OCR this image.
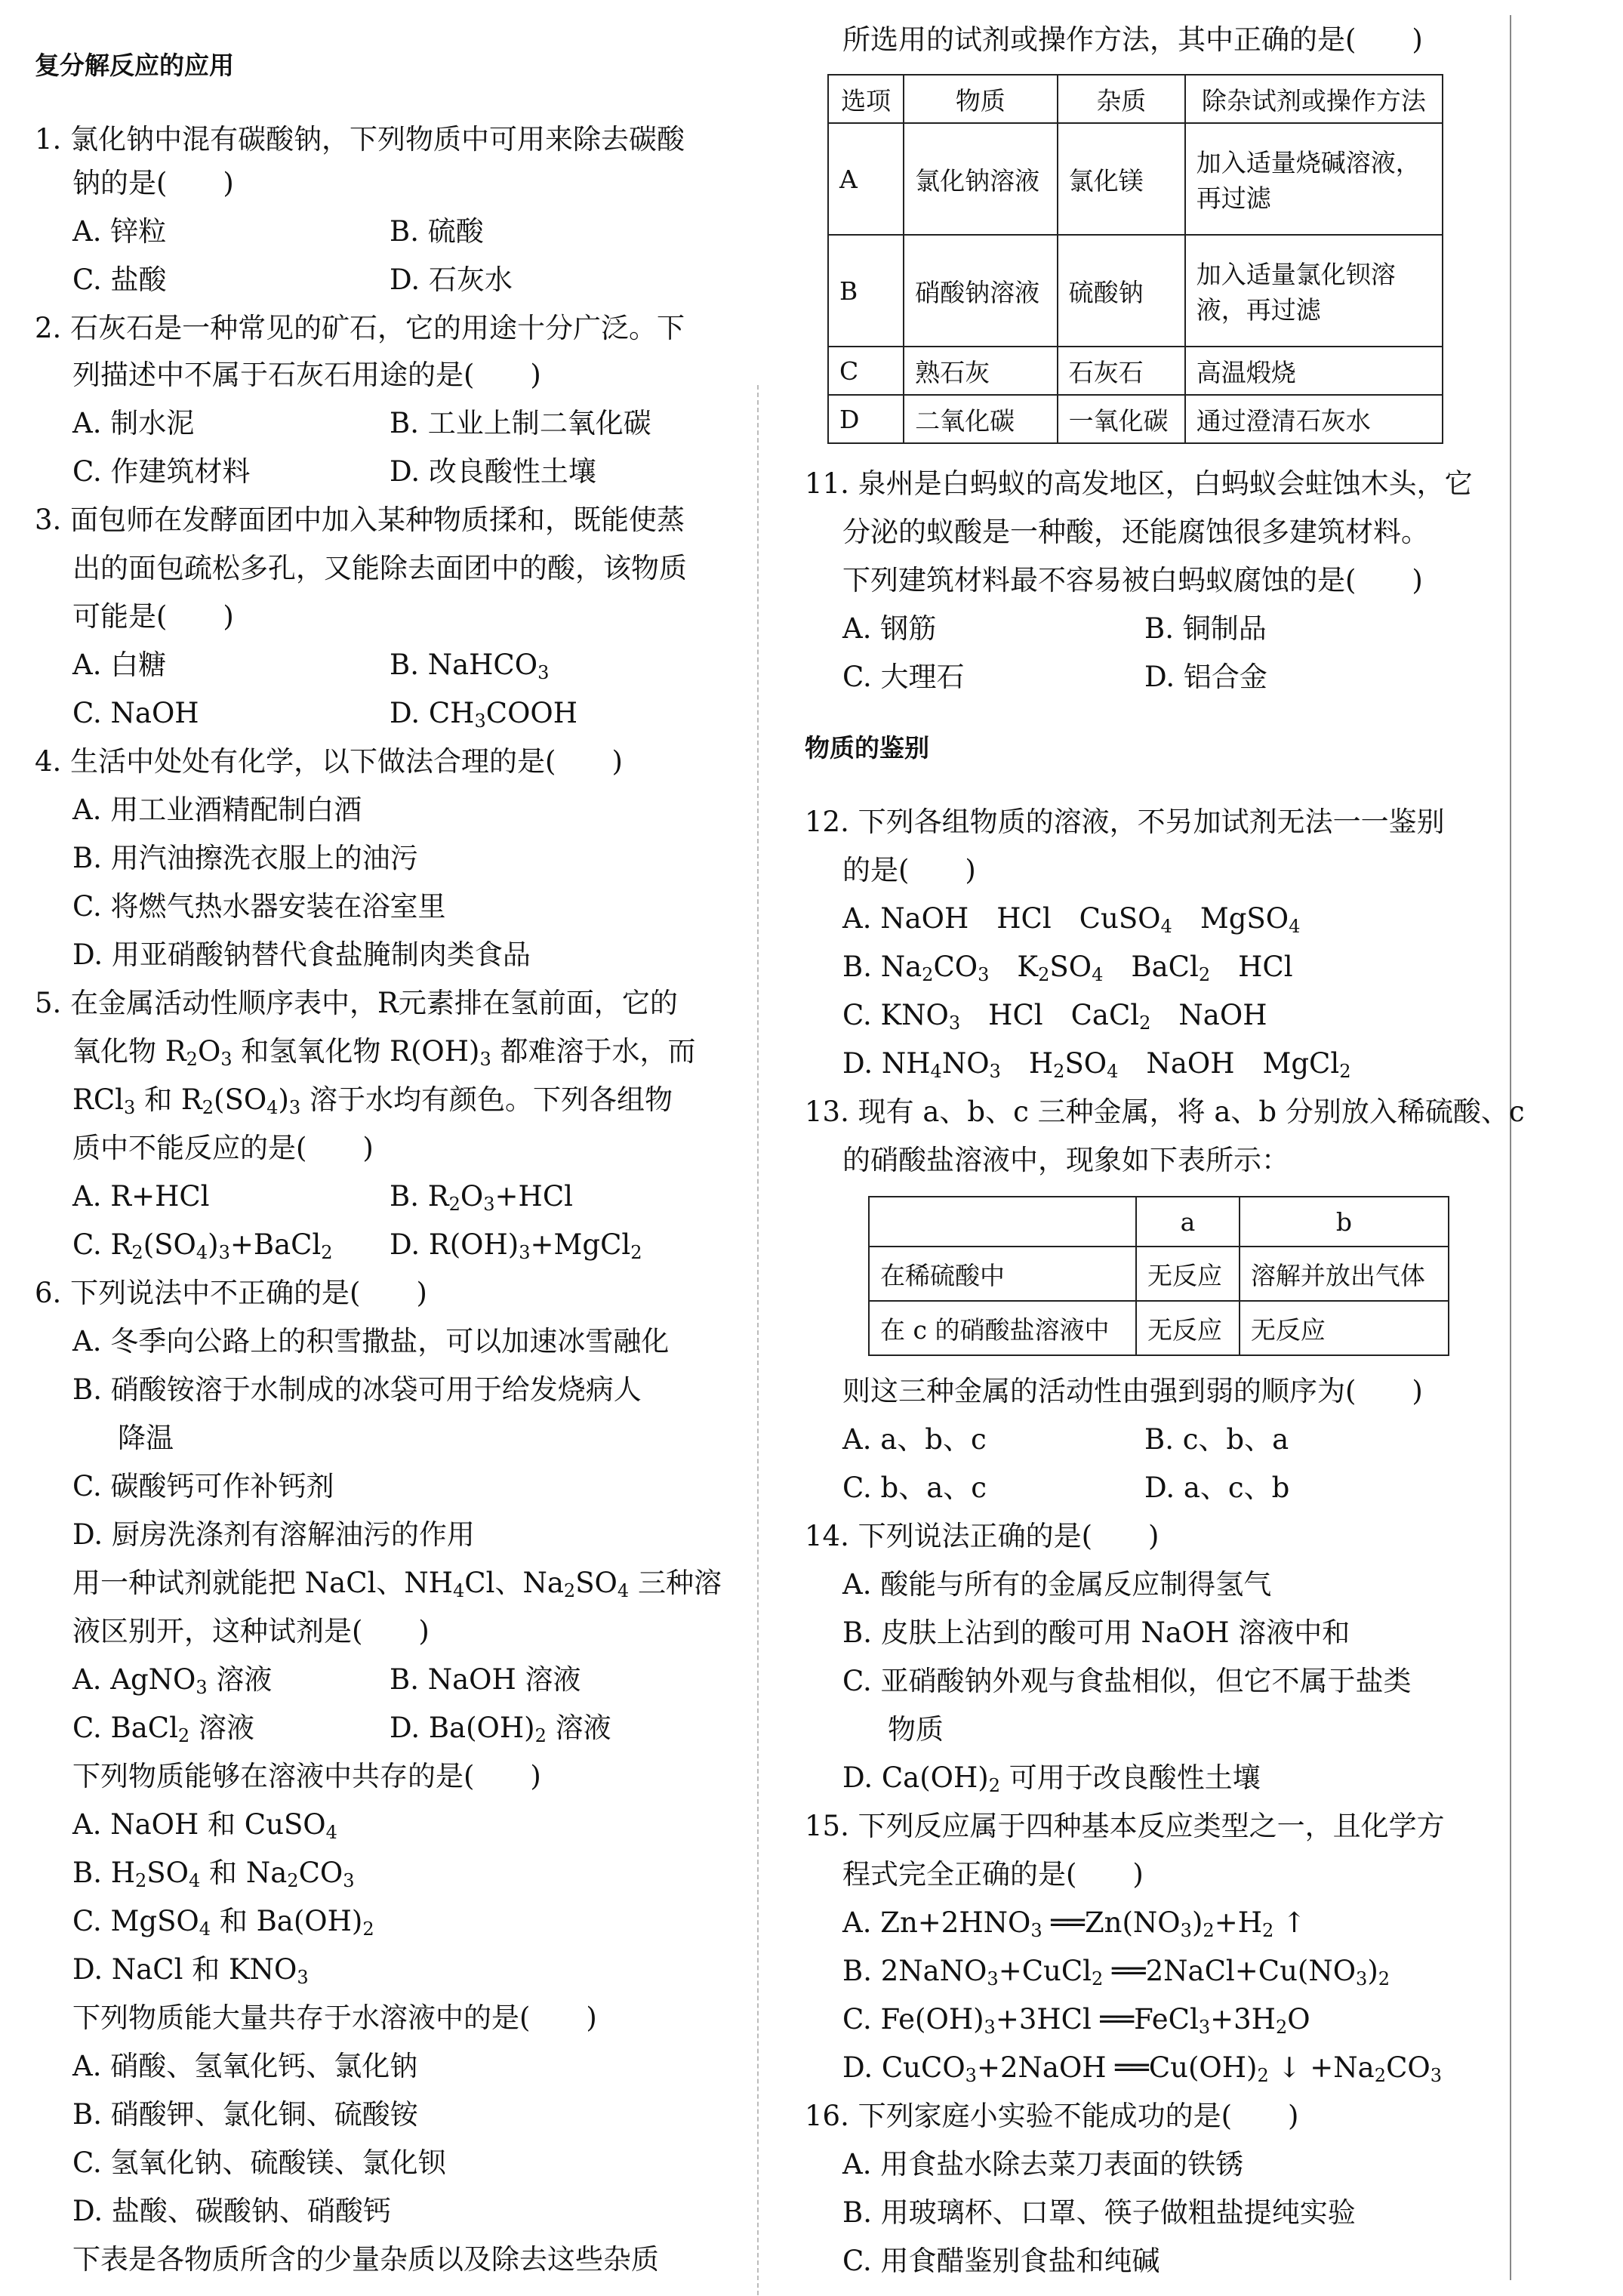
复分解反应的应用
1. 氯化钠中混有碳酸钠，下列物质中可用来除去碳酸
钠的是(　　)
A. 锌粒	B. 硫酸
C. 盐酸	D. 石灰水
2. 石灰石是一种常见的矿石，它的用途十分广泛。下
列描述中不属于石灰石用途的是(　　)
A. 制水泥	B. 工业上制二氧化碳
C. 作建筑材料	D. 改良酸性土壤
3. 面包师在发酵面团中加入某种物质揉和，既能使蒸
出的面包疏松多孔，又能除去面团中的酸，该物质
可能是(　　)
A. 白糖	B. NaHCO$_3$
C. NaOH	D. $CH_3COOH$
4. 生活中处处有化学，以下做法合理的是(　　)
A. 用工业酒精配制白酒
B. 用汽油擦洗衣服上的油污
C. 将燃气热水器安装在浴室里
D. 用亚硝酸钠替代食盐腌制肉类食品
5. 在金属活动性顺序表中，R元素排在氢前面，它的
氧化物 $R_2O_3$ 和氢氧化物 $R(OH)_3$ 都难溶于水，而
RCl$_3$ 和 $R_2(SO_4)_3$ 溶于水均有颜色。下列各组物
质中不能反应的是(　　)
A. R+HCl	B. $R_2O_3+HCl$
C. $R_2(SO_4)_3+BaCl_2$ D. $R(OH)_3+MgCl_2$
6. 下列说法中不正确的是(　　)
A. 冬季向公路上的积雪撒盐，可以加速冰雪融化
B. 硝酸铵溶于水制成的冰袋可用于给发烧病人
降温
C. 碳酸钙可作补钙剂
D. 厨房洗涤剂有溶解油污的作用
用一种试剂就能把 NaCl、$NH_4Cl$、$Na_2SO_4$ 三种溶
液区别开，这种试剂是(　　)
A. AgNO$_3$ 溶液	B. NaOH 溶液
C. BaCl$_2$ 溶液	D. $Ba(OH)_2$ 溶液
下列物质能够在溶液中共存的是(　　)
A. NaOH 和 CuSO$_4$
B. $H_2SO_4$ 和 $Na_2CO_3$
C. MgSO$_4$ 和 $Ba(OH)_2$
D. NaCl 和 $KNO_3$
下列物质能大量共存于水溶液中的是(　　)
A. 硝酸、氢氧化钙、氯化钠
B. 硝酸钾、氯化铜、硫酸铵
C. 氢氧化钠、硫酸镁、氯化钡
D. 盐酸、碳酸钠、硝酸钙
下表是各物质所含的少量杂质以及除去这些杂质
所选用的试剂或操作方法，其中正确的是(　　)
选项	物质	杂质	除杂试剂或操作方法
A	氯化钠溶液	氯化镁	加入适量烧碱溶液，
再过滤

B	硝酸钠溶液	硫酸钠	加入适量氯化钡溶
液，再过滤

C	熟石灰	石灰石	高温煅烧
D	二氧化碳	一氧化碳	通过澄清石灰水
11. 泉州是白蚂蚁的高发地区，白蚂蚁会蛀蚀木头，它
分泌的蚁酸是一种酸，还能腐蚀很多建筑材料。
下列建筑材料最不容易被白蚂蚁腐蚀的是(　　)
A. 钢筋	B. 铜制品
C. 大理石	D. 铝合金
物质的鉴别
12. 下列各组物质的溶液，不另加试剂无法一一鉴别
的是(　　)
A. NaOH　HCl　CuSO$_4$　MgSO$_4$
B. $Na_2CO_3$　$K_2SO_4$　BaCl$_2$　HCl
C. $KNO_3$　HCl　CaCl$_2$　NaOH
D. $NH_4NO_3$　$H_2SO_4$　NaOH　MgCl$_2$
13. 现有 a、b、c 三种金属，将 a、b 分别放入稀硫酸、c
的硝酸盐溶液中，现象如下表所示：
	a	b
在稀硫酸中	无反应	溶解并放出气体
在 c 的硝酸盐溶液中	无反应	无反应
则这三种金属的活动性由强到弱的顺序为(　　)
A. a、b、c	B. c、b、a
C. b、a、c	D. a、c、b
14. 下列说法正确的是(　　)
A. 酸能与所有的金属反应制得氢气
B. 皮肤上沾到的酸可用 NaOH 溶液中和
C. 亚硝酸钠外观与食盐相似，但它不属于盐类
物质
D. $Ca(OH)_2$ 可用于改良酸性土壤
15. 下列反应属于四种基本反应类型之一，且化学方
程式完全正确的是(　　)
A. $Zn+2HNO_3$ $══Zn(NO_3)_2+H_2$ ↑
B. 2NaNO$_3$+CuCl$_2$ $══2NaCl+Cu(NO_3)_2$
C. $Fe(OH)_3+3HCl$ $══FeCl_3+3H_2O$
D. CuCO$_3$+2NaOH $══Cu(OH)_2$ ↓ $+Na_2CO_3$
16. 下列家庭小实验不能成功的是(　　)
A. 用食盐水除去菜刀表面的铁锈
B. 用玻璃杯、口罩、筷子做粗盐提纯实验
C. 用食醋鉴别食盐和纯碱
